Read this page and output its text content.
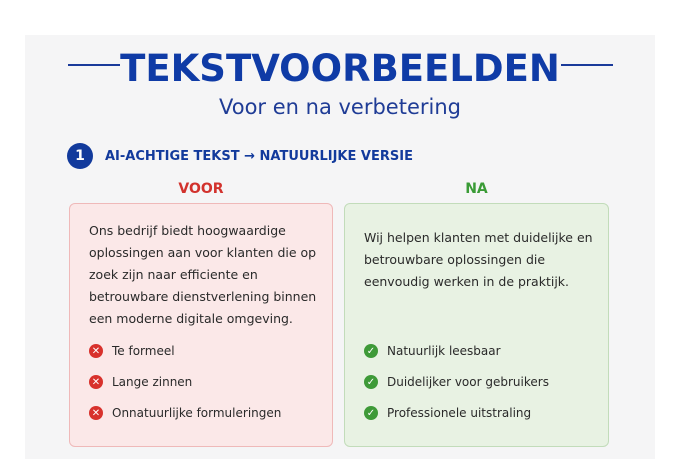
TEKSTVOORBEELDEN
Voor en na verbetering
1	AI-ACHTIGE TEKST → NATUURLIJKE VERSIE
VOOR	NA

Ons bedrijf biedt hoogwaardige oplossingen aan voor klanten die op zoek zijn naar efficiente en betrouwbare dienstverlening binnen een moderne digitale omgeving.

✕ Te formeel
✕ Lange zinnen
✕ Onnatuurlijke formuleringen

Wij helpen klanten met duidelijke en betrouwbare oplossingen die eenvoudig werken in de praktijk.

✓ Natuurlijk leesbaar
✓ Duidelijker voor gebruikers
✓ Professionele uitstraling
